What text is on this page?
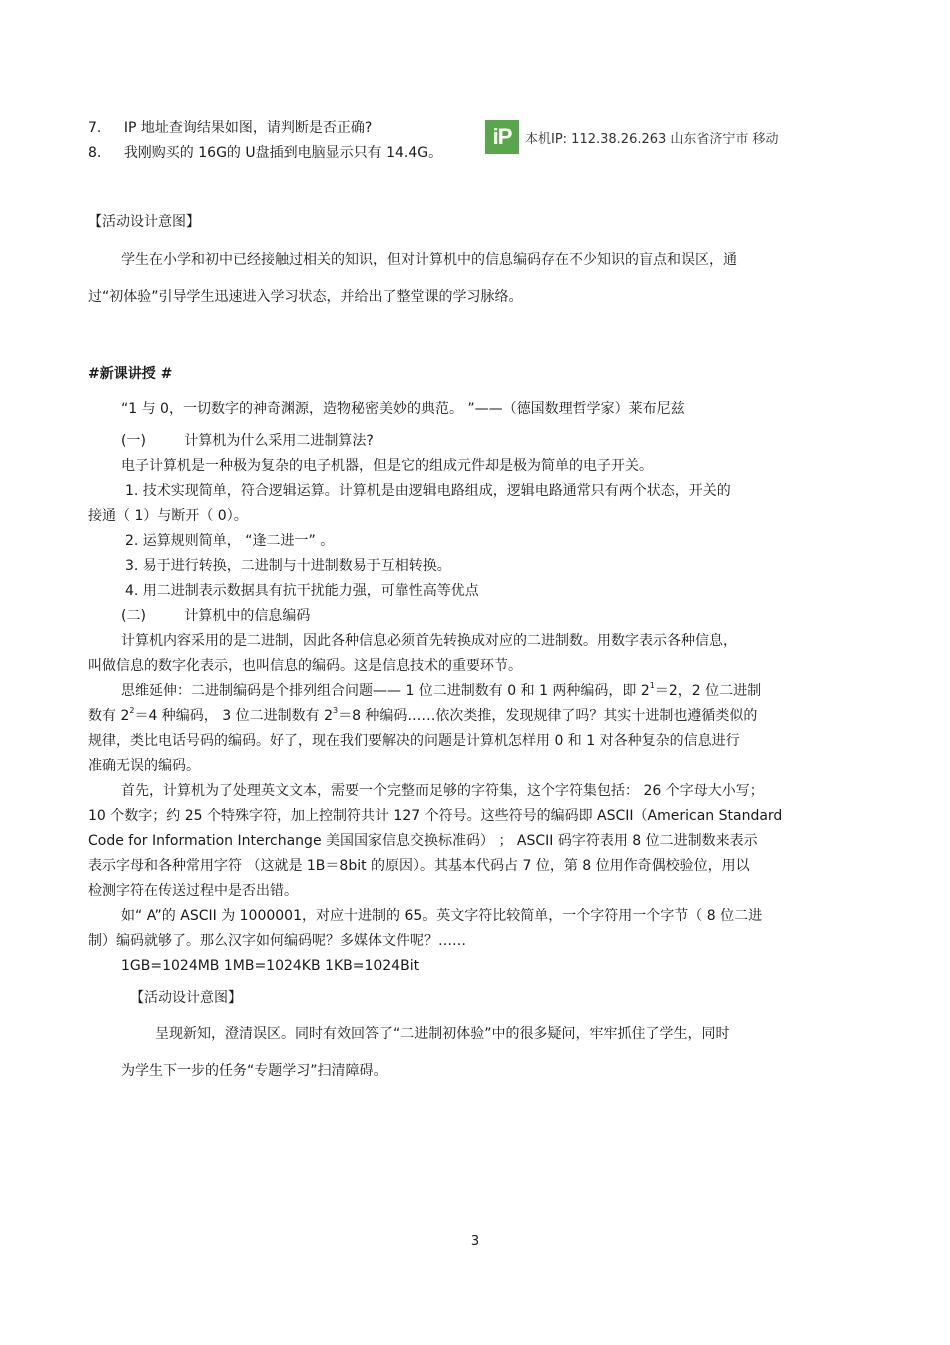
7. IP 地址查询结果如图，请判断是否正确?
8. 我刚购买的 16G的 U盘插到电脑显示只有 14.4G。
iP	本机IP: 112.38.26.263 山东省济宁市 移动
【活动设计意图】
学生在小学和初中已经接触过相关的知识，但对计算机中的信息编码存在不少知识的盲点和误区，通
过“初体验”引导学生迅速进入学习状态，并给出了整堂课的学习脉络。
#新课讲授 #
“1 与 0，一切数字的神奇渊源，造物秘密美妙的典范。 ”——（德国数理哲学家）莱布尼兹
(一)	计算机为什么采用二进制算法?
电子计算机是一种极为复杂的电子机器，但是它的组成元件却是极为简单的电子开关。
1. 技术实现简单，符合逻辑运算。计算机是由逻辑电路组成，逻辑电路通常只有两个状态，开关的
接通（ 1）与断开（ 0）。
2. 运算规则简单， “逢二进一” 。
3. 易于进行转换，二进制与十进制数易于互相转换。
4. 用二进制表示数据具有抗干扰能力强，可靠性高等优点
(二)	计算机中的信息编码
计算机内容采用的是二进制，因此各种信息必须首先转换成对应的二进制数。用数字表示各种信息，
叫做信息的数字化表示，也叫信息的编码。这是信息技术的重要环节。
思维延伸：二进制编码是个排列组合问题—— 1 位二进制数有 0 和 1 两种编码，即 $2^1=2$，2 位二进制
数有 $2^2=4$ 种编码， 3 位二进制数有 $2^3=8$ 种编码……依次类推，发现规律了吗？其实十进制也遵循类似的
规律，类比电话号码的编码。好了，现在我们要解决的问题是计算机怎样用 0 和 1 对各种复杂的信息进行
准确无误的编码。
首先，计算机为了处理英文文本，需要一个完整而足够的字符集，这个字符集包括： 26 个字母大小写；
10 个数字；约 25 个特殊字符，加上控制符共计 127 个符号。这些符号的编码即 ASCII（American Standard
Code for Information Interchange 美国国家信息交换标准码） ； ASCII 码字符表用 8 位二进制数来表示
表示字母和各种常用字符 （这就是 1B＝8bit 的原因）。其基本代码占 7 位，第 8 位用作奇偶校验位，用以
检测字符在传送过程中是否出错。
如“ A”的 ASCII 为 1000001，对应十进制的 65。英文字符比较简单，一个字符用一个字节（ 8 位二进
制）编码就够了。那么汉字如何编码呢？多媒体文件呢？……
1GB=1024MB 1MB=1024KB 1KB=1024Bit
【活动设计意图】
呈现新知，澄清误区。同时有效回答了“二进制初体验”中的很多疑问，牢牢抓住了学生，同时
为学生下一步的任务“专题学习”扫清障碍。
3
